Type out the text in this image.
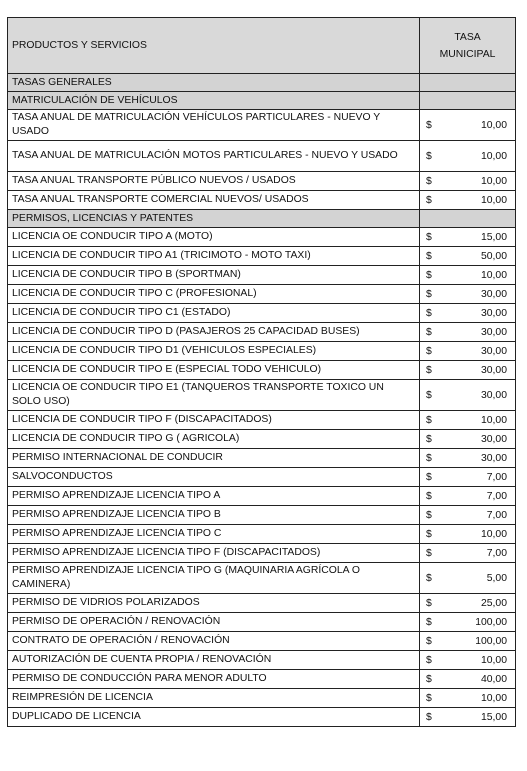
PRODUCTOS Y SERVICIOS	TASA
MUNICIPAL
TASAS GENERALES	
MATRICULACIÓN DE VEHÍCULOS	

TASA ANUAL DE MATRICULACIÓN VEHÍCULOS PARTICULARES - NUEVO Y USADO	$ 10,00

TASA ANUAL DE MATRICULACIÓN MOTOS PARTICULARES - NUEVO Y USADO	$ 10,00

TASA ANUAL TRANSPORTE PÚBLICO NUEVOS / USADOS	$ 10,00

TASA ANUAL TRANSPORTE COMERCIAL NUEVOS/ USADOS	$ 10,00

PERMISOS, LICENCIAS Y PATENTES	

LICENCIA OE CONDUCIR TIPO A (MOTO)	$ 15,00

LICENCIA DE CONDUCIR TIPO A1 (TRICIMOTO - MOTO TAXI)	$ 50,00

LICENCIA DE CONDUCIR TIPO B (SPORTMAN)	$ 10,00

LICENCIA DE CONDUCIR TIPO C (PROFESIONAL)	$ 30,00

LICENCIA DE CONDUCIR TIPO C1 (ESTADO)	$ 30,00

LICENCIA DE CONDUCIR TIPO D (PASAJEROS 25 CAPACIDAD BUSES)	$ 30,00

LICENCIA DE CONDUCIR TIPO D1 (VEHICULOS ESPECIALES)	$ 30,00

LICENCIA DE CONDUCIR TIPO E (ESPECIAL TODO VEHICULO)	$ 30,00

LICENCIA OE CONDUCIR TIPO E1 (TANQUEROS TRANSPORTE TOXICO UN SOLO USO)	$ 30,00

LICENCIA DE CONDUCIR TIPO F (DISCAPACITADOS)	$ 10,00

LICENCIA DE CONDUCIR TIPO G ( AGRICOLA)	$ 30,00

PERMISO INTERNACIONAL DE CONDUCIR	$ 30,00

SALVOCONDUCTOS	$ 7,00

PERMISO APRENDIZAJE LICENCIA TIPO A	$ 7,00

PERMISO APRENDIZAJE LICENCIA TIPO B	$ 7,00

PERMISO APRENDIZAJE LICENCIA TIPO C	$ 10,00

PERMISO APRENDIZAJE LICENCIA TIPO F (DISCAPACITADOS)	$ 7,00

PERMISO APRENDIZAJE LICENCIA TIPO G (MAQUINARIA AGRÍCOLA O CAMINERA)	$ 5,00

PERMISO DE VIDRIOS POLARIZADOS	$ 25,00

PERMISO DE OPERACIÓN / RENOVACIÓN	$ 100,00

CONTRATO DE OPERACIÓN / RENOVACIÓN	$ 100,00

AUTORIZACIÓN DE CUENTA PROPIA / RENOVACIÓN	$ 10,00

PERMISO DE CONDUCCIÓN PARA MENOR ADULTO	$ 40,00

REIMPRESIÓN DE LICENCIA	$ 10,00

DUPLICADO DE LICENCIA	$ 15,00
